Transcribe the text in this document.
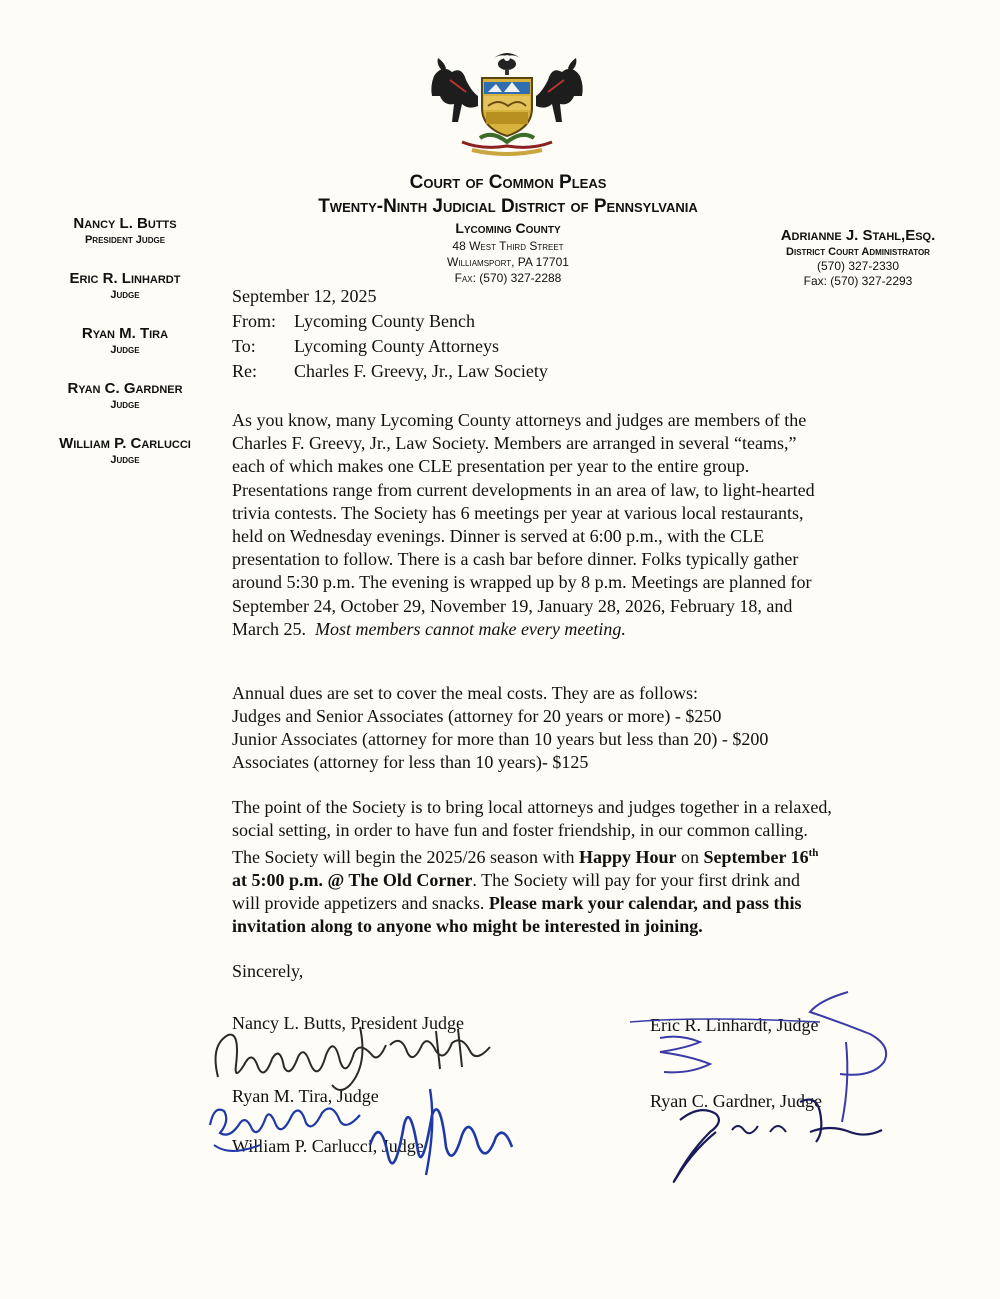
Court of Common Pleas
Twenty-Ninth Judicial District of Pennsylvania
Lycoming County
48 West Third Street
Williamsport, PA 17701
Fax: (570) 327-2288
Nancy L. Butts
President Judge
Eric R. Linhardt
Judge
Ryan M. Tira
Judge
Ryan C. Gardner
Judge
William P. Carlucci
Judge
Adrianne J. Stahl,Esq.
District Court Administrator
(570) 327-2330
Fax: (570) 327-2293
September 12, 2025
From: Lycoming County Bench
To:	Lycoming County Attorneys
Re:	Charles F. Greevy, Jr., Law Society
As you know, many Lycoming County attorneys and judges are members of the
Charles F. Greevy, Jr., Law Society. Members are arranged in several “teams,”
each of which makes one CLE presentation per year to the entire group.
Presentations range from current developments in an area of law, to light-hearted
trivia contests. The Society has 6 meetings per year at various local restaurants,
held on Wednesday evenings. Dinner is served at 6:00 p.m., with the CLE
presentation to follow. There is a cash bar before dinner. Folks typically gather
around 5:30 p.m. The evening is wrapped up by 8 p.m. Meetings are planned for
September 24, October 29, November 19, January 28, 2026, February 18, and
March 25. Most members cannot make every meeting.
Annual dues are set to cover the meal costs. They are as follows:
Judges and Senior Associates (attorney for 20 years or more) - $250
Junior Associates (attorney for more than 10 years but less than 20) - $200
Associates (attorney for less than 10 years)- $125
The point of the Society is to bring local attorneys and judges together in a relaxed,
social setting, in order to have fun and foster friendship, in our common calling.
The Society will begin the 2025/26 season with Happy Hour on September 16th
at 5:00 p.m. @ The Old Corner. The Society will pay for your first drink and
will provide appetizers and snacks. Please mark your calendar, and pass this
invitation along to anyone who might be interested in joining.
Sincerely,
Nancy L. Butts, President Judge
Ryan M. Tira, Judge
William P. Carlucci, Judge
Eric R. Linhardt, Judge
Ryan C. Gardner, Judge
